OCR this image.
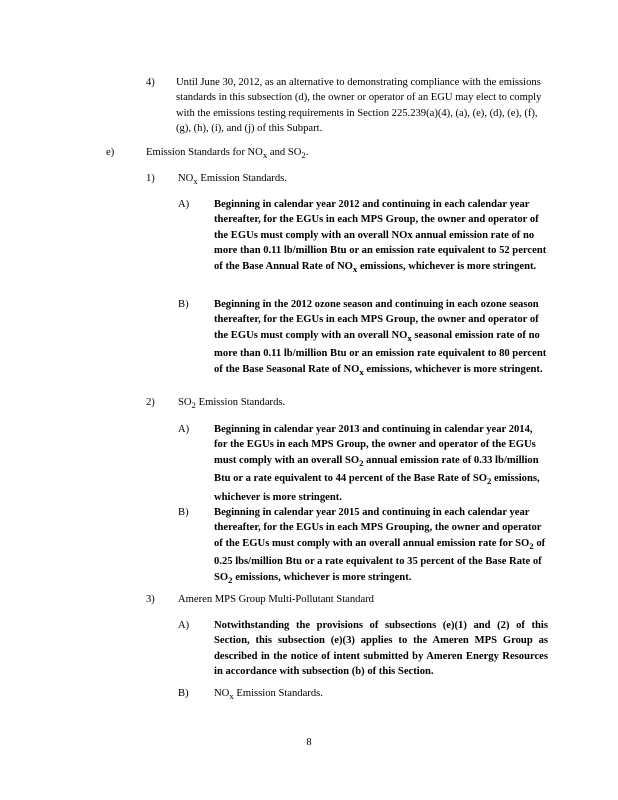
4) Until June 30, 2012, as an alternative to demonstrating compliance with the emissions standards in this subsection (d), the owner or operator of an EGU may elect to comply with the emissions testing requirements in Section 225.239(a)(4), (a), (e), (d), (e), (f), (g), (h), (i), and (j) of this Subpart.

e)	Emission Standards for $NO_x$ and $SO_2$.
1) $NO_x$ Emission Standards.
A) Beginning in calendar year 2012 and continuing in each calendar year thereafter, for the EGUs in each MPS Group, the owner and operator of the EGUs must comply with an overall NOx annual emission rate of no more than 0.11 lb/million Btu or an emission rate equivalent to 52 percent of the Base Annual Rate of $NO_x$ emissions, whichever is more stringent.

B) Beginning in the 2012 ozone season and continuing in each ozone season thereafter, for the EGUs in each MPS Group, the owner and operator of the EGUs must comply with an overall $NO_x$ seasonal emission rate of no more than 0.11 lb/million Btu or an emission rate equivalent to 80 percent of the Base Seasonal Rate of $NO_x$ emissions, whichever is more stringent.

2) $SO_2$ Emission Standards.
A) Beginning in calendar year 2013 and continuing in calendar year 2014, for the EGUs in each MPS Group, the owner and operator of the EGUs must comply with an overall $SO_2$ annual emission rate of 0.33 lb/million Btu or a rate equivalent to 44 percent of the Base Rate of $SO_2$ emissions, whichever is more stringent.

B) Beginning in calendar year 2015 and continuing in each calendar year thereafter, for the EGUs in each MPS Grouping, the owner and operator of the EGUs must comply with an overall annual emission rate for $SO_2$ of 0.25 lbs/million Btu or a rate equivalent to 35 percent of the Base Rate of $SO_2$ emissions, whichever is more stringent.

3) Ameren MPS Group Multi-Pollutant Standard
A) Notwithstanding the provisions of subsections (e)(1) and (2) of this Section, this subsection (e)(3) applies to the Ameren MPS Group as described in the notice of intent submitted by Ameren Energy Resources in accordance with subsection (b) of this Section.

B) $NO_x$ Emission Standards.
8
